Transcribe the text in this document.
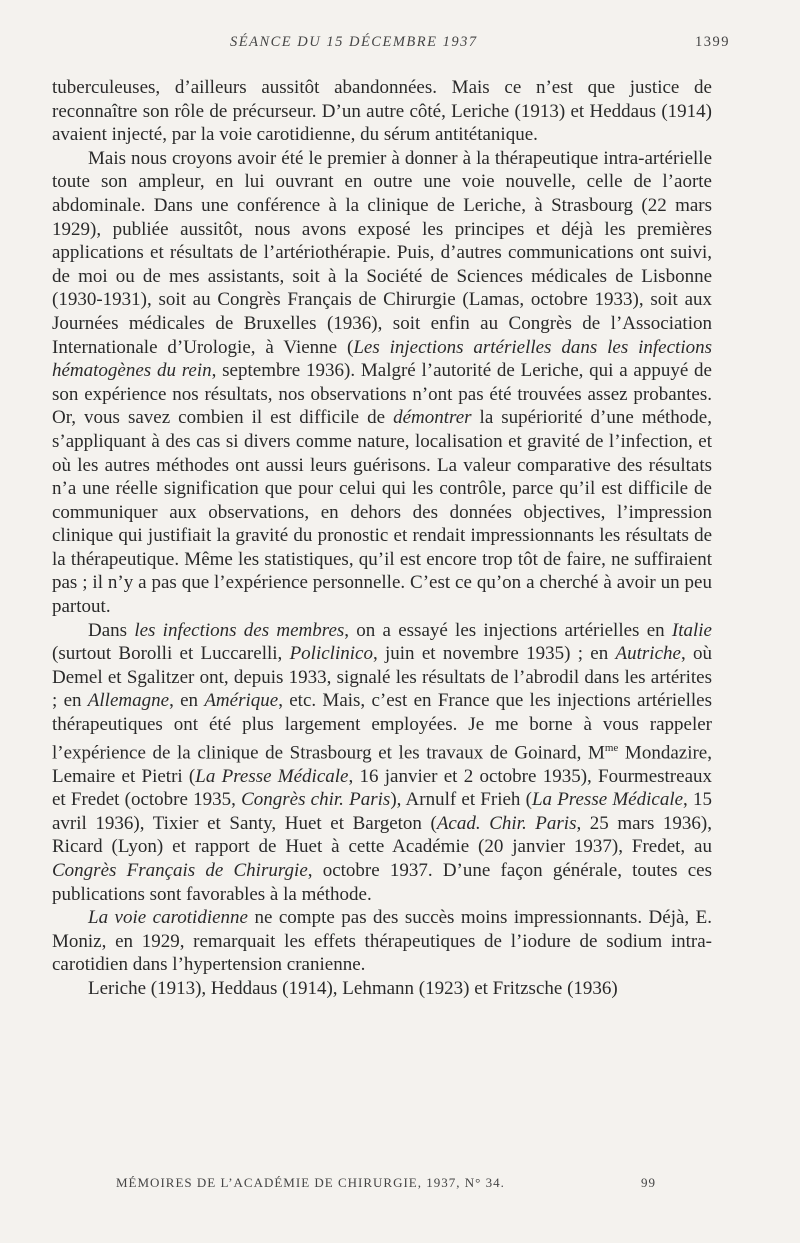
SÉANCE DU 15 DÉCEMBRE 1937	1399

tuberculeuses, d’ailleurs aussitôt abandonnées. Mais ce n’est que justice de reconnaître son rôle de précurseur. D’un autre côté, Leriche (1913) et Heddaus (1914) avaient injecté, par la voie carotidienne, du sérum antitétanique.

Mais nous croyons avoir été le premier à donner à la thérapeutique intra-artérielle toute son ampleur, en lui ouvrant en outre une voie nouvelle, celle de l’aorte abdominale. Dans une conférence à la clinique de Leriche, à Strasbourg (22 mars 1929), publiée aussitôt, nous avons exposé les principes et déjà les premières applications et résultats de l’artériothérapie. Puis, d’autres communications ont suivi, de moi ou de mes assistants, soit à la Société de Sciences médicales de Lisbonne (1930-1931), soit au Congrès Français de Chirurgie (Lamas, octobre 1933), soit aux Journées médicales de Bruxelles (1936), soit enfin au Congrès de l’Association Internationale d’Urologie, à Vienne (Les injections artérielles dans les infections hématogènes du rein, septembre 1936). Malgré l’autorité de Leriche, qui a appuyé de son expérience nos résultats, nos observations n’ont pas été trouvées assez probantes. Or, vous savez combien il est difficile de démontrer la supériorité d’une méthode, s’appliquant à des cas si divers comme nature, localisation et gravité de l’infection, et où les autres méthodes ont aussi leurs guérisons. La valeur comparative des résultats n’a une réelle signification que pour celui qui les contrôle, parce qu’il est difficile de communiquer aux observations, en dehors des données objectives, l’impression clinique qui justifiait la gravité du pronostic et rendait impressionnants les résultats de la thérapeutique. Même les statistiques, qu’il est encore trop tôt de faire, ne suffiraient pas ; il n’y a pas que l’expérience personnelle. C’est ce qu’on a cherché à avoir un peu partout.

Dans les infections des membres, on a essayé les injections artérielles en Italie (surtout Borolli et Luccarelli, Policlinico, juin et novembre 1935) ; en Autriche, où Demel et Sgalitzer ont, depuis 1933, signalé les résultats de l’abrodil dans les artérites ; en Allemagne, en Amérique, etc. Mais, c’est en France que les injections artérielles thérapeutiques ont été plus largement employées. Je me borne à vous rappeler l’expérience de la clinique de Strasbourg et les travaux de Goinard, $M^{me}$ Mondazire, Lemaire et Pietri (La Presse Médicale, 16 janvier et 2 octobre 1935), Fourmestreaux et Fredet (octobre 1935, Congrès chir. Paris), Arnulf et Frieh (La Presse Médicale, 15 avril 1936), Tixier et Santy, Huet et Bargeton (Acad. Chir. Paris, 25 mars 1936), Ricard (Lyon) et rapport de Huet à cette Académie (20 janvier 1937), Fredet, au Congrès Français de Chirurgie, octobre 1937. D’une façon générale, toutes ces publications sont favorables à la méthode.

La voie carotidienne ne compte pas des succès moins impressionnants. Déjà, E. Moniz, en 1929, remarquait les effets thérapeutiques de l’iodure de sodium intra-carotidien dans l’hypertension cranienne.

Leriche (1913), Heddaus (1914), Lehmann (1923) et Fritzsche (1936)

MÉMOIRES DE L’ACADÉMIE DE CHIRURGIE, 1937, N° 34.	99
